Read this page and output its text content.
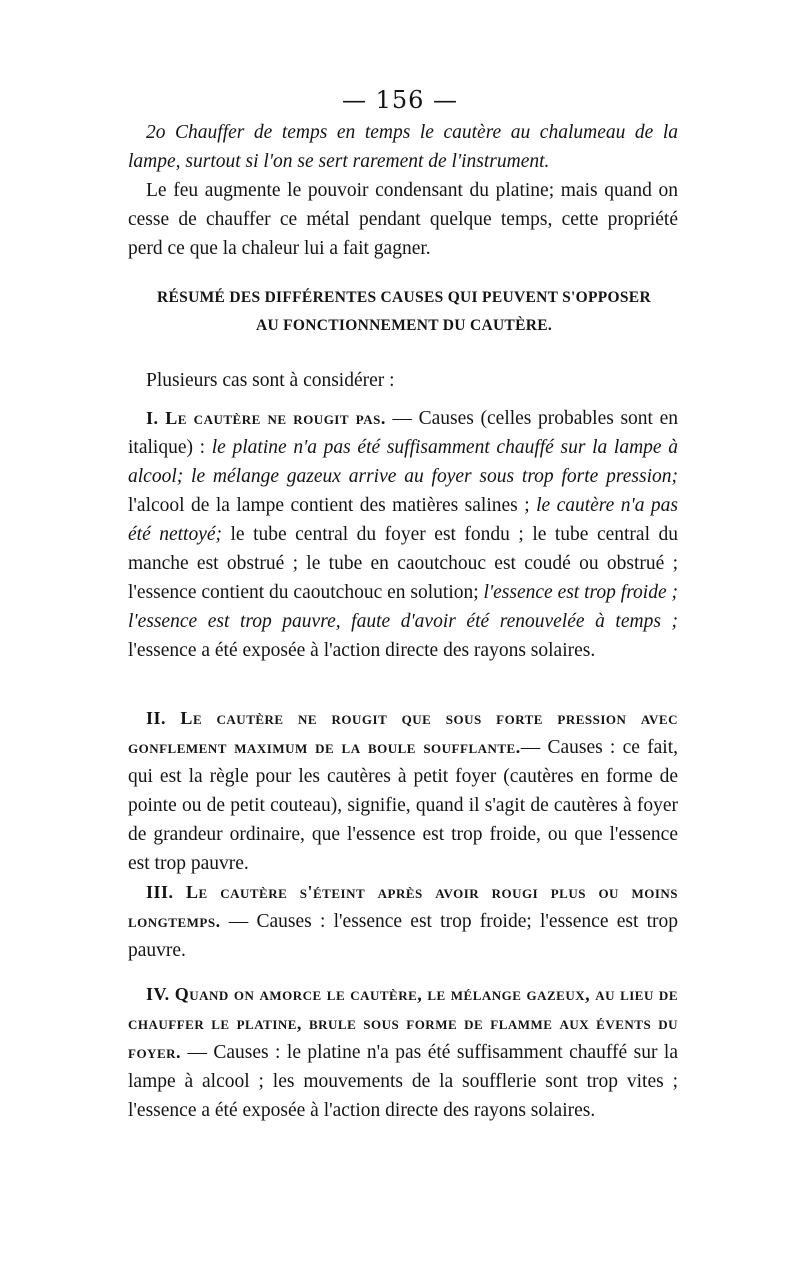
— 156 —

2o Chauffer de temps en temps le cautère au chalumeau de la lampe, surtout si l'on se sert rarement de l'instrument.

Le feu augmente le pouvoir condensant du platine; mais quand on cesse de chauffer ce métal pendant quelque temps, cette propriété perd ce que la chaleur lui a fait gagner.

RÉSUMÉ DES DIFFÉRENTES CAUSES QUI PEUVENT S'OPPOSER
AU FONCTIONNEMENT DU CAUTÈRE.

Plusieurs cas sont à considérer :

I. Le cautère ne rougit pas. — Causes (celles probables sont en italique) : le platine n'a pas été suffisamment chauffé sur la lampe à alcool; le mélange gazeux arrive au foyer sous trop forte pression; l'alcool de la lampe contient des matières salines ; le cautère n'a pas été nettoyé; le tube central du foyer est fondu ; le tube central du manche est obstrué ; le tube en caoutchouc est coudé ou obstrué ; l'essence contient du caoutchouc en solution; l'essence est trop froide ; l'essence est trop pauvre, faute d'avoir été renouvelée à temps ; l'essence a été exposée à l'action directe des rayons solaires.

II. Le cautère ne rougit que sous forte pression avec gonflement maximum de la boule soufflante.— Causes : ce fait, qui est la règle pour les cautères à petit foyer (cautères en forme de pointe ou de petit couteau), signifie, quand il s'agit de cautères à foyer de grandeur ordinaire, que l'essence est trop froide, ou que l'essence est trop pauvre.

III. Le cautère s'éteint après avoir rougi plus ou moins longtemps. — Causes : l'essence est trop froide; l'essence est trop pauvre.

IV. Quand on amorce le cautère, le mélange gazeux, au lieu de chauffer le platine, brule sous forme de flamme aux évents du foyer. — Causes : le platine n'a pas été suffisamment chauffé sur la lampe à alcool ; les mouvements de la soufflerie sont trop vites ; l'essence a été exposée à l'action directe des rayons solaires.
